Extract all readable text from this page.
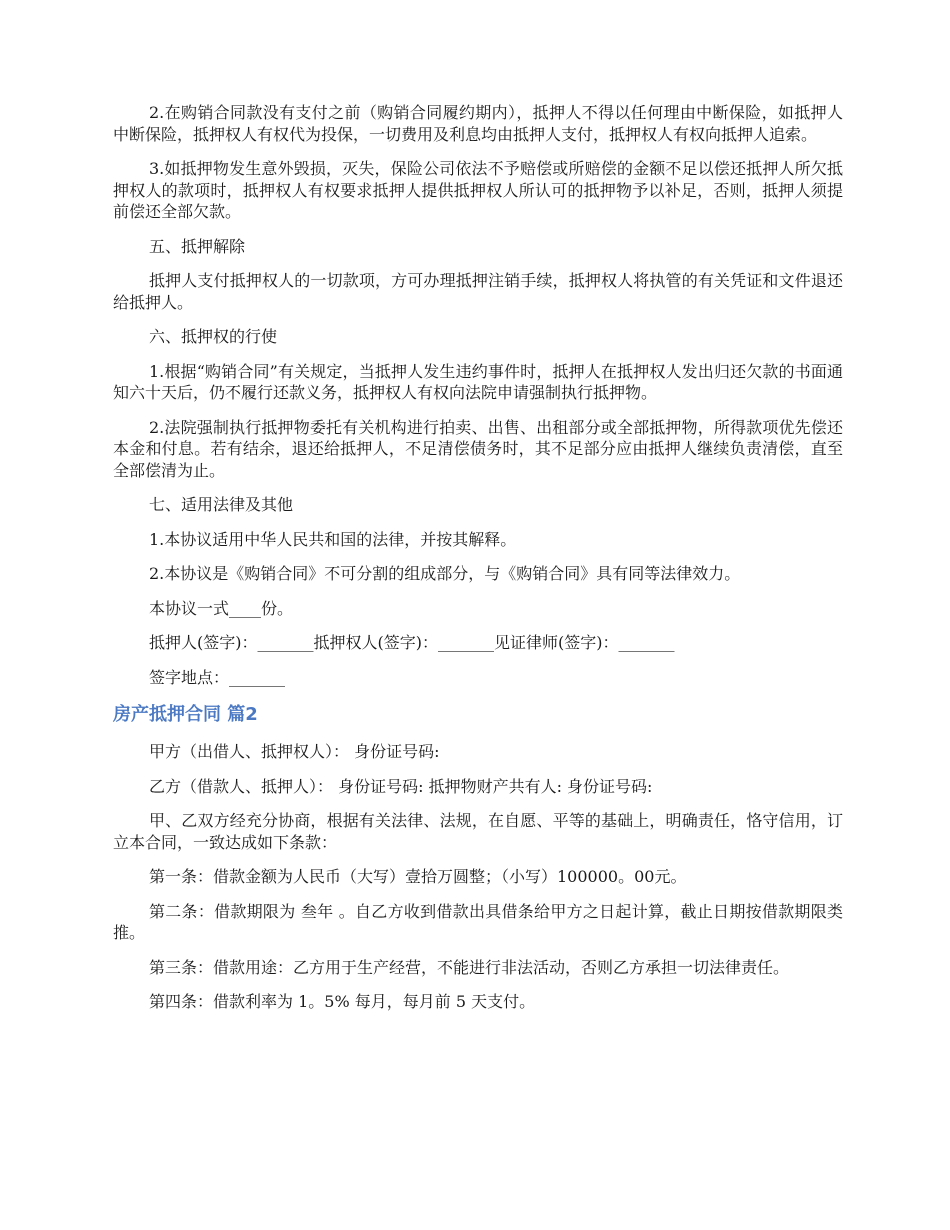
2.在购销合同款没有支付之前（购销合同履约期内），抵押人不得以任何理由中断保险，如抵押人中断保险，抵押权人有权代为投保，一切费用及利息均由抵押人支付，抵押权人有权向抵押人追索。

3.如抵押物发生意外毁损，灭失，保险公司依法不予赔偿或所赔偿的金额不足以偿还抵押人所欠抵押权人的款项时，抵押权人有权要求抵押人提供抵押权人所认可的抵押物予以补足，否则，抵押人须提前偿还全部欠款。

五、抵押解除

抵押人支付抵押权人的一切款项，方可办理抵押注销手续，抵押权人将执管的有关凭证和文件退还给抵押人。

六、抵押权的行使

1.根据“购销合同”有关规定，当抵押人发生违约事件时，抵押人在抵押权人发出归还欠款的书面通知六十天后，仍不履行还款义务，抵押权人有权向法院申请强制执行抵押物。

2.法院强制执行抵押物委托有关机构进行拍卖、出售、出租部分或全部抵押物，所得款项优先偿还本金和付息。若有结余，退还给抵押人，不足清偿债务时，其不足部分应由抵押人继续负责清偿，直至全部偿清为止。

七、适用法律及其他

1.本协议适用中华人民共和国的法律，并按其解释。

2.本协议是《购销合同》不可分割的组成部分，与《购销合同》具有同等法律效力。

本协议一式____份。

抵押人(签字)：_______抵押权人(签字)：_______见证律师(签字)：_______

签字地点：_______

房产抵押合同 篇2

甲方（出借人、抵押权人）： 身份证号码:

乙方（借款人、抵押人）： 身份证号码: 抵押物财产共有人: 身份证号码:

甲、乙双方经充分协商，根据有关法律、法规，在自愿、平等的基础上，明确责任，恪守信用，订立本合同，一致达成如下条款：

第一条：借款金额为人民币（大写）壹拾万圆整；（小写）100000。00元。

第二条：借款期限为 叁年 。自乙方收到借款出具借条给甲方之日起计算，截止日期按借款期限类推。

第三条：借款用途：乙方用于生产经营，不能进行非法活动，否则乙方承担一切法律责任。

第四条：借款利率为 1。5% 每月，每月前 5 天支付。
